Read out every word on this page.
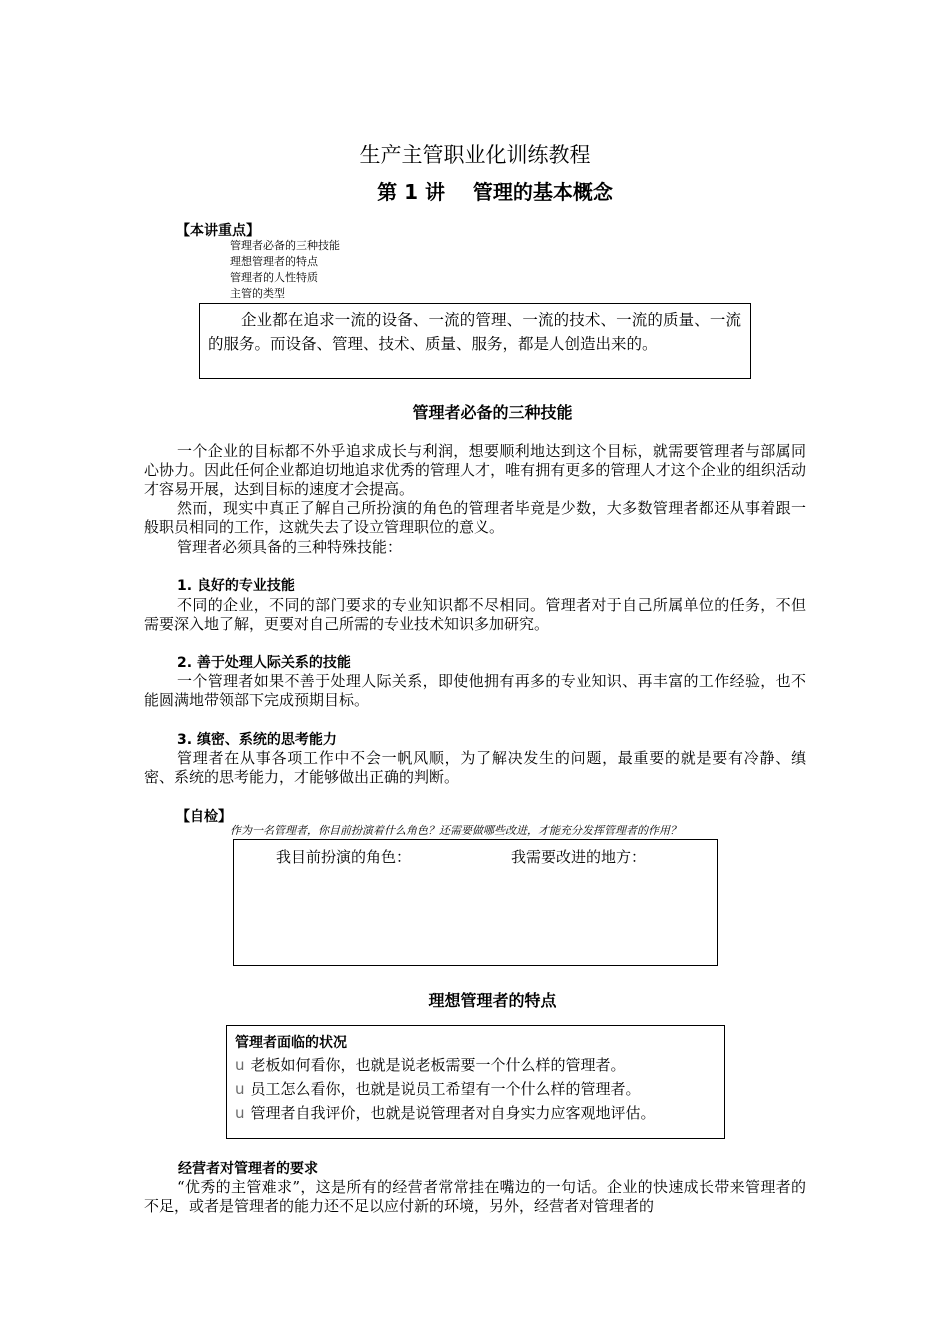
生产主管职业化训练教程
第 1 讲    管理的基本概念
【本讲重点】
管理者必备的三种技能
理想管理者的特点
管理者的人性特质
主管的类型
企业都在追求一流的设备、一流的管理、一流的技术、一流的质量、一流的服务。而设备、管理、技术、质量、服务，都是人创造出来的。
管理者必备的三种技能
一个企业的目标都不外乎追求成长与利润，想要顺利地达到这个目标，就需要管理者与部属同心协力。因此任何企业都迫切地追求优秀的管理人才，唯有拥有更多的管理人才这个企业的组织活动才容易开展，达到目标的速度才会提高。
然而，现实中真正了解自己所扮演的角色的管理者毕竟是少数，大多数管理者都还从事着跟一般职员相同的工作，这就失去了设立管理职位的意义。
管理者必须具备的三种特殊技能：
1. 良好的专业技能
不同的企业，不同的部门要求的专业知识都不尽相同。管理者对于自己所属单位的任务，不但需要深入地了解，更要对自己所需的专业技术知识多加研究。
2. 善于处理人际关系的技能
一个管理者如果不善于处理人际关系，即使他拥有再多的专业知识、再丰富的工作经验，也不能圆满地带领部下完成预期目标。
3. 缜密、系统的思考能力
管理者在从事各项工作中不会一帆风顺，为了解决发生的问题，最重要的就是要有冷静、缜密、系统的思考能力，才能够做出正确的判断。
【自检】
作为一名管理者，你目前扮演着什么角色？还需要做哪些改进，才能充分发挥管理者的作用？
我目前扮演的角色：	我需要改进的地方：
理想管理者的特点
管理者面临的状况
u 老板如何看你，也就是说老板需要一个什么样的管理者。
u 员工怎么看你，也就是说员工希望有一个什么样的管理者。
u 管理者自我评价，也就是说管理者对自身实力应客观地评估。
经营者对管理者的要求
“优秀的主管难求”，这是所有的经营者常常挂在嘴边的一句话。企业的快速成长带来管理者的不足，或者是管理者的能力还不足以应付新的环境，另外，经营者对管理者的
